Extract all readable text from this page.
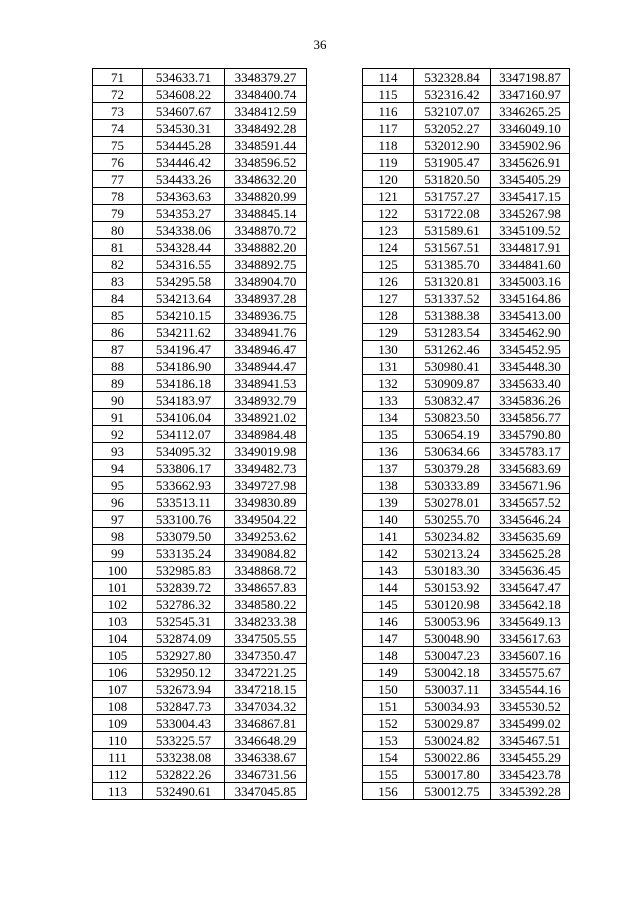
36
71	534633.71	3348379.27
72	534608.22	3348400.74
73	534607.67	3348412.59
74	534530.31	3348492.28
75	534445.28	3348591.44
76	534446.42	3348596.52
77	534433.26	3348632.20
78	534363.63	3348820.99
79	534353.27	3348845.14
80	534338.06	3348870.72
81	534328.44	3348882.20
82	534316.55	3348892.75
83	534295.58	3348904.70
84	534213.64	3348937.28
85	534210.15	3348936.75
86	534211.62	3348941.76
87	534196.47	3348946.47
88	534186.90	3348944.47
89	534186.18	3348941.53
90	534183.97	3348932.79
91	534106.04	3348921.02
92	534112.07	3348984.48
93	534095.32	3349019.98
94	533806.17	3349482.73
95	533662.93	3349727.98
96	533513.11	3349830.89
97	533100.76	3349504.22
98	533079.50	3349253.62
99	533135.24	3349084.82
100	532985.83	3348868.72
101	532839.72	3348657.83
102	532786.32	3348580.22
103	532545.31	3348233.38
104	532874.09	3347505.55
105	532927.80	3347350.47
106	532950.12	3347221.25
107	532673.94	3347218.15
108	532847.73	3347034.32
109	533004.43	3346867.81
110	533225.57	3346648.29
111	533238.08	3346338.67
112	532822.26	3346731.56
113	532490.61	3347045.85
114	532328.84	3347198.87
115	532316.42	3347160.97
116	532107.07	3346265.25
117	532052.27	3346049.10
118	532012.90	3345902.96
119	531905.47	3345626.91
120	531820.50	3345405.29
121	531757.27	3345417.15
122	531722.08	3345267.98
123	531589.61	3345109.52
124	531567.51	3344817.91
125	531385.70	3344841.60
126	531320.81	3345003.16
127	531337.52	3345164.86
128	531388.38	3345413.00
129	531283.54	3345462.90
130	531262.46	3345452.95
131	530980.41	3345448.30
132	530909.87	3345633.40
133	530832.47	3345836.26
134	530823.50	3345856.77
135	530654.19	3345790.80
136	530634.66	3345783.17
137	530379.28	3345683.69
138	530333.89	3345671.96
139	530278.01	3345657.52
140	530255.70	3345646.24
141	530234.82	3345635.69
142	530213.24	3345625.28
143	530183.30	3345636.45
144	530153.92	3345647.47
145	530120.98	3345642.18
146	530053.96	3345649.13
147	530048.90	3345617.63
148	530047.23	3345607.16
149	530042.18	3345575.67
150	530037.11	3345544.16
151	530034.93	3345530.52
152	530029.87	3345499.02
153	530024.82	3345467.51
154	530022.86	3345455.29
155	530017.80	3345423.78
156	530012.75	3345392.28
